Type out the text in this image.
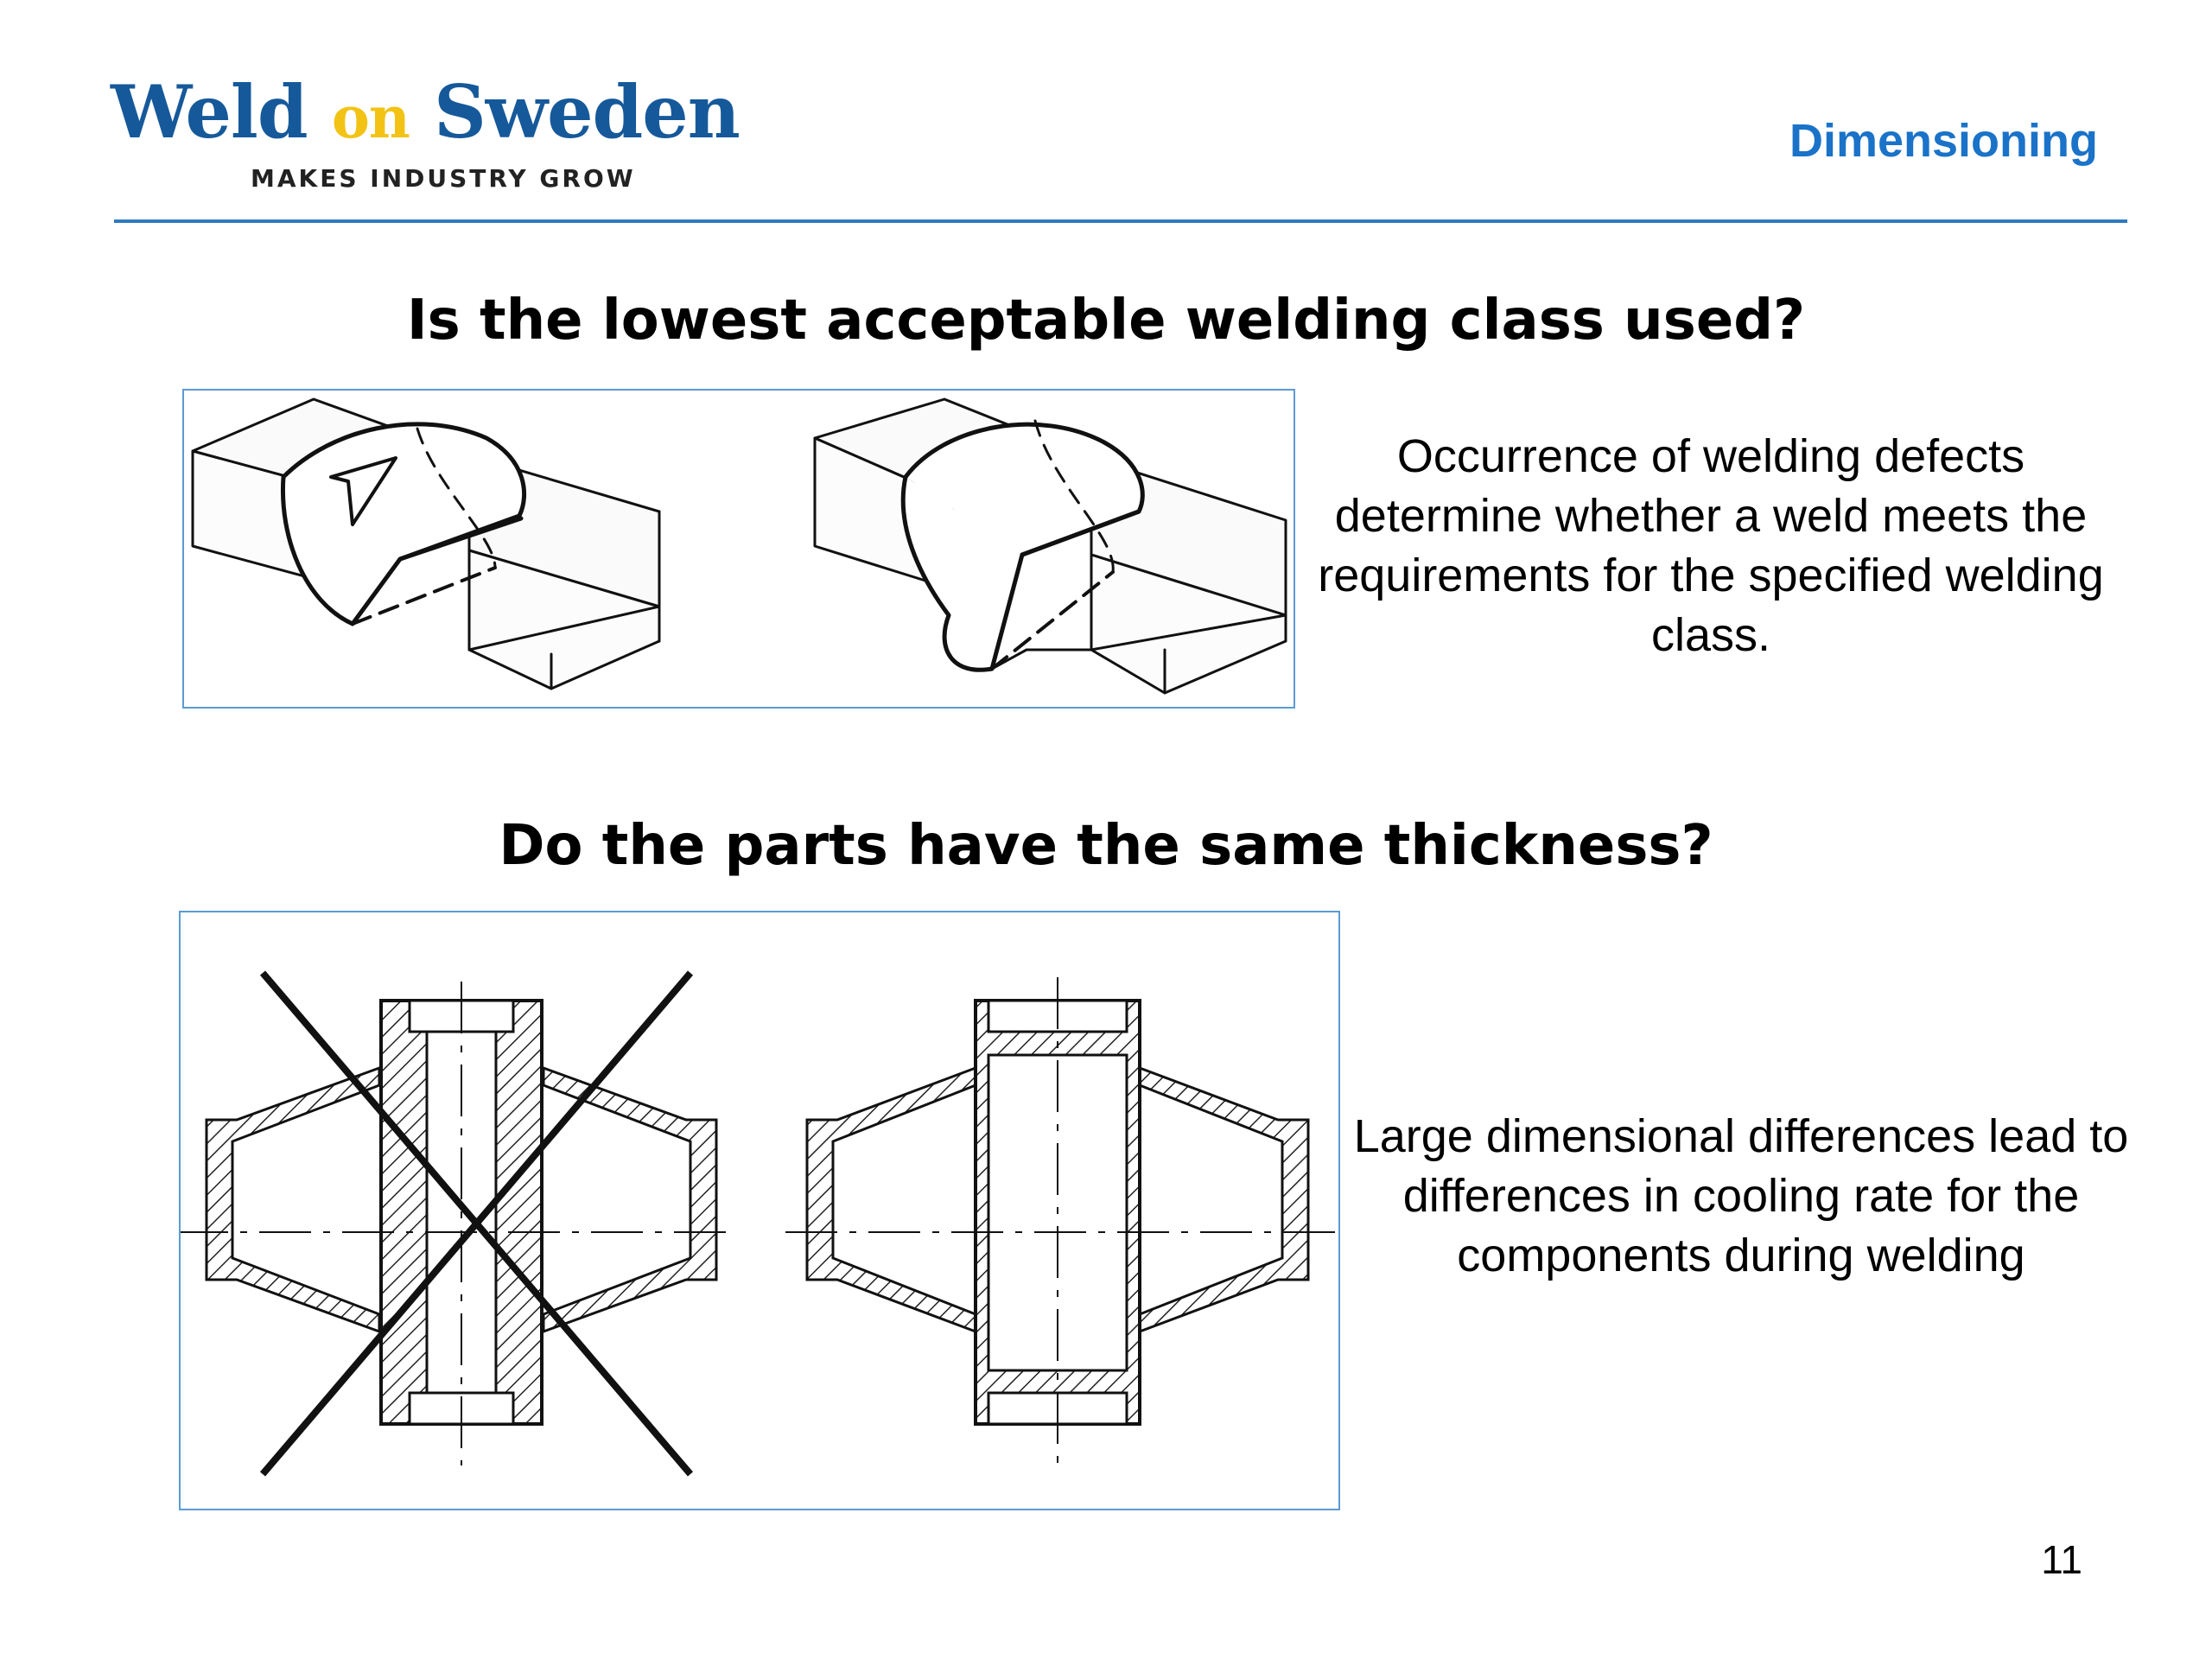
Weld on Sweden
MAKES INDUSTRY GROW
Dimensioning
Is the lowest acceptable welding class used?
Occurrence of welding defects determine whether a weld meets the requirements for the specified welding class.
Do the parts have the same thickness?
Large dimensional differences lead to differences in cooling rate for the components during welding
11
